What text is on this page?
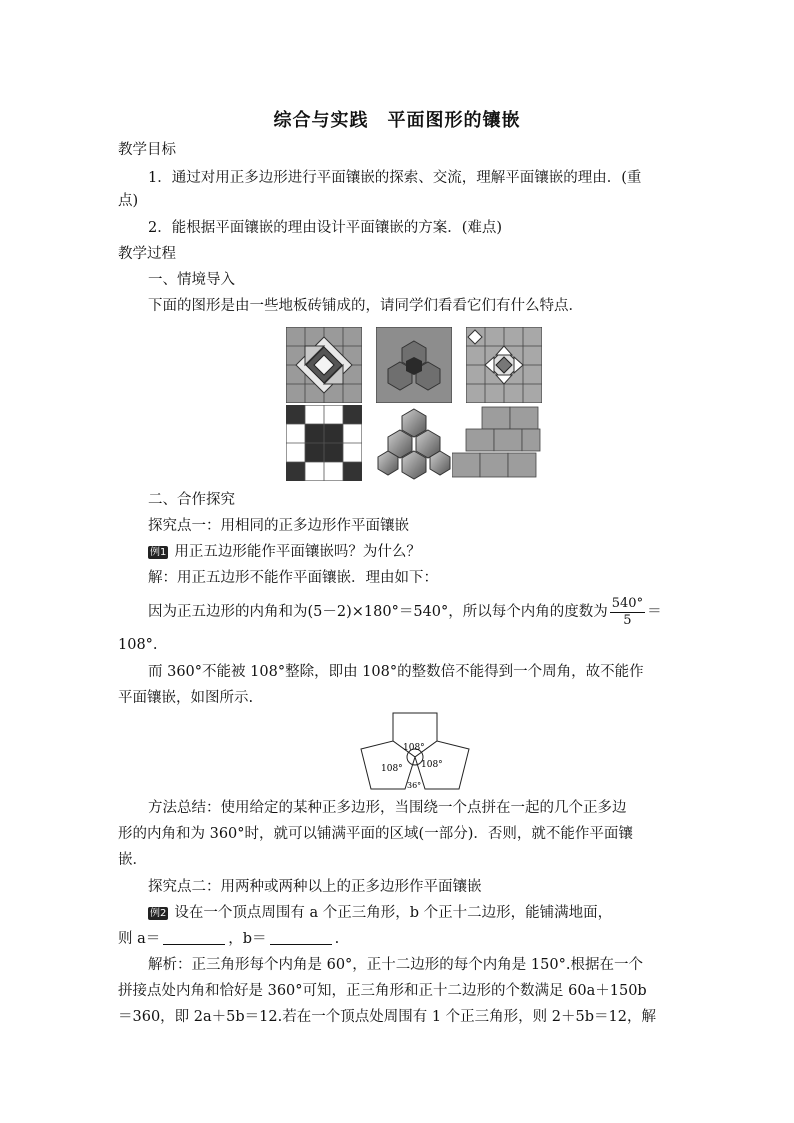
综合与实践　平面图形的镶嵌
教学目标
1．通过对用正多边形进行平面镶嵌的探索、交流，理解平面镶嵌的理由．(重
点)
2．能根据平面镶嵌的理由设计平面镶嵌的方案．(难点)
教学过程
一、情境导入
下面的图形是由一些地板砖铺成的，请同学们看看它们有什么特点．
二、合作探究
探究点一：用相同的正多边形作平面镶嵌
例1 用正五边形能作平面镶嵌吗？为什么？
解：用正五边形不能作平面镶嵌．理由如下：
因为正五边形的内角和为(5－2)×180°＝540°，所以每个内角的度数为 $\frac{540^\circ}{5}$ ＝
108°.
而 360°不能被 108°整除，即由 108°的整数倍不能得到一个周角，故不能作
平面镶嵌，如图所示.
108°
108° 108°
36°
方法总结：使用给定的某种正多边形，当围绕一个点拼在一起的几个正多边
形的内角和为 360°时，就可以铺满平面的区域(一部分)．否则，就不能作平面镶
嵌．
探究点二：用两种或两种以上的正多边形作平面镶嵌
例2 设在一个顶点周围有 a 个正三角形，b 个正十二边形，能铺满地面，
则 a＝	，b＝	.
解析：正三角形每个内角是 60°，正十二边形的每个内角是 150°.根据在一个
拼接点处内角和恰好是 360°可知，正三角形和正十二边形的个数满足 60a＋150b
＝360，即 2a＋5b＝12.若在一个顶点处周围有 1 个正三角形，则 2＋5b＝12，解
